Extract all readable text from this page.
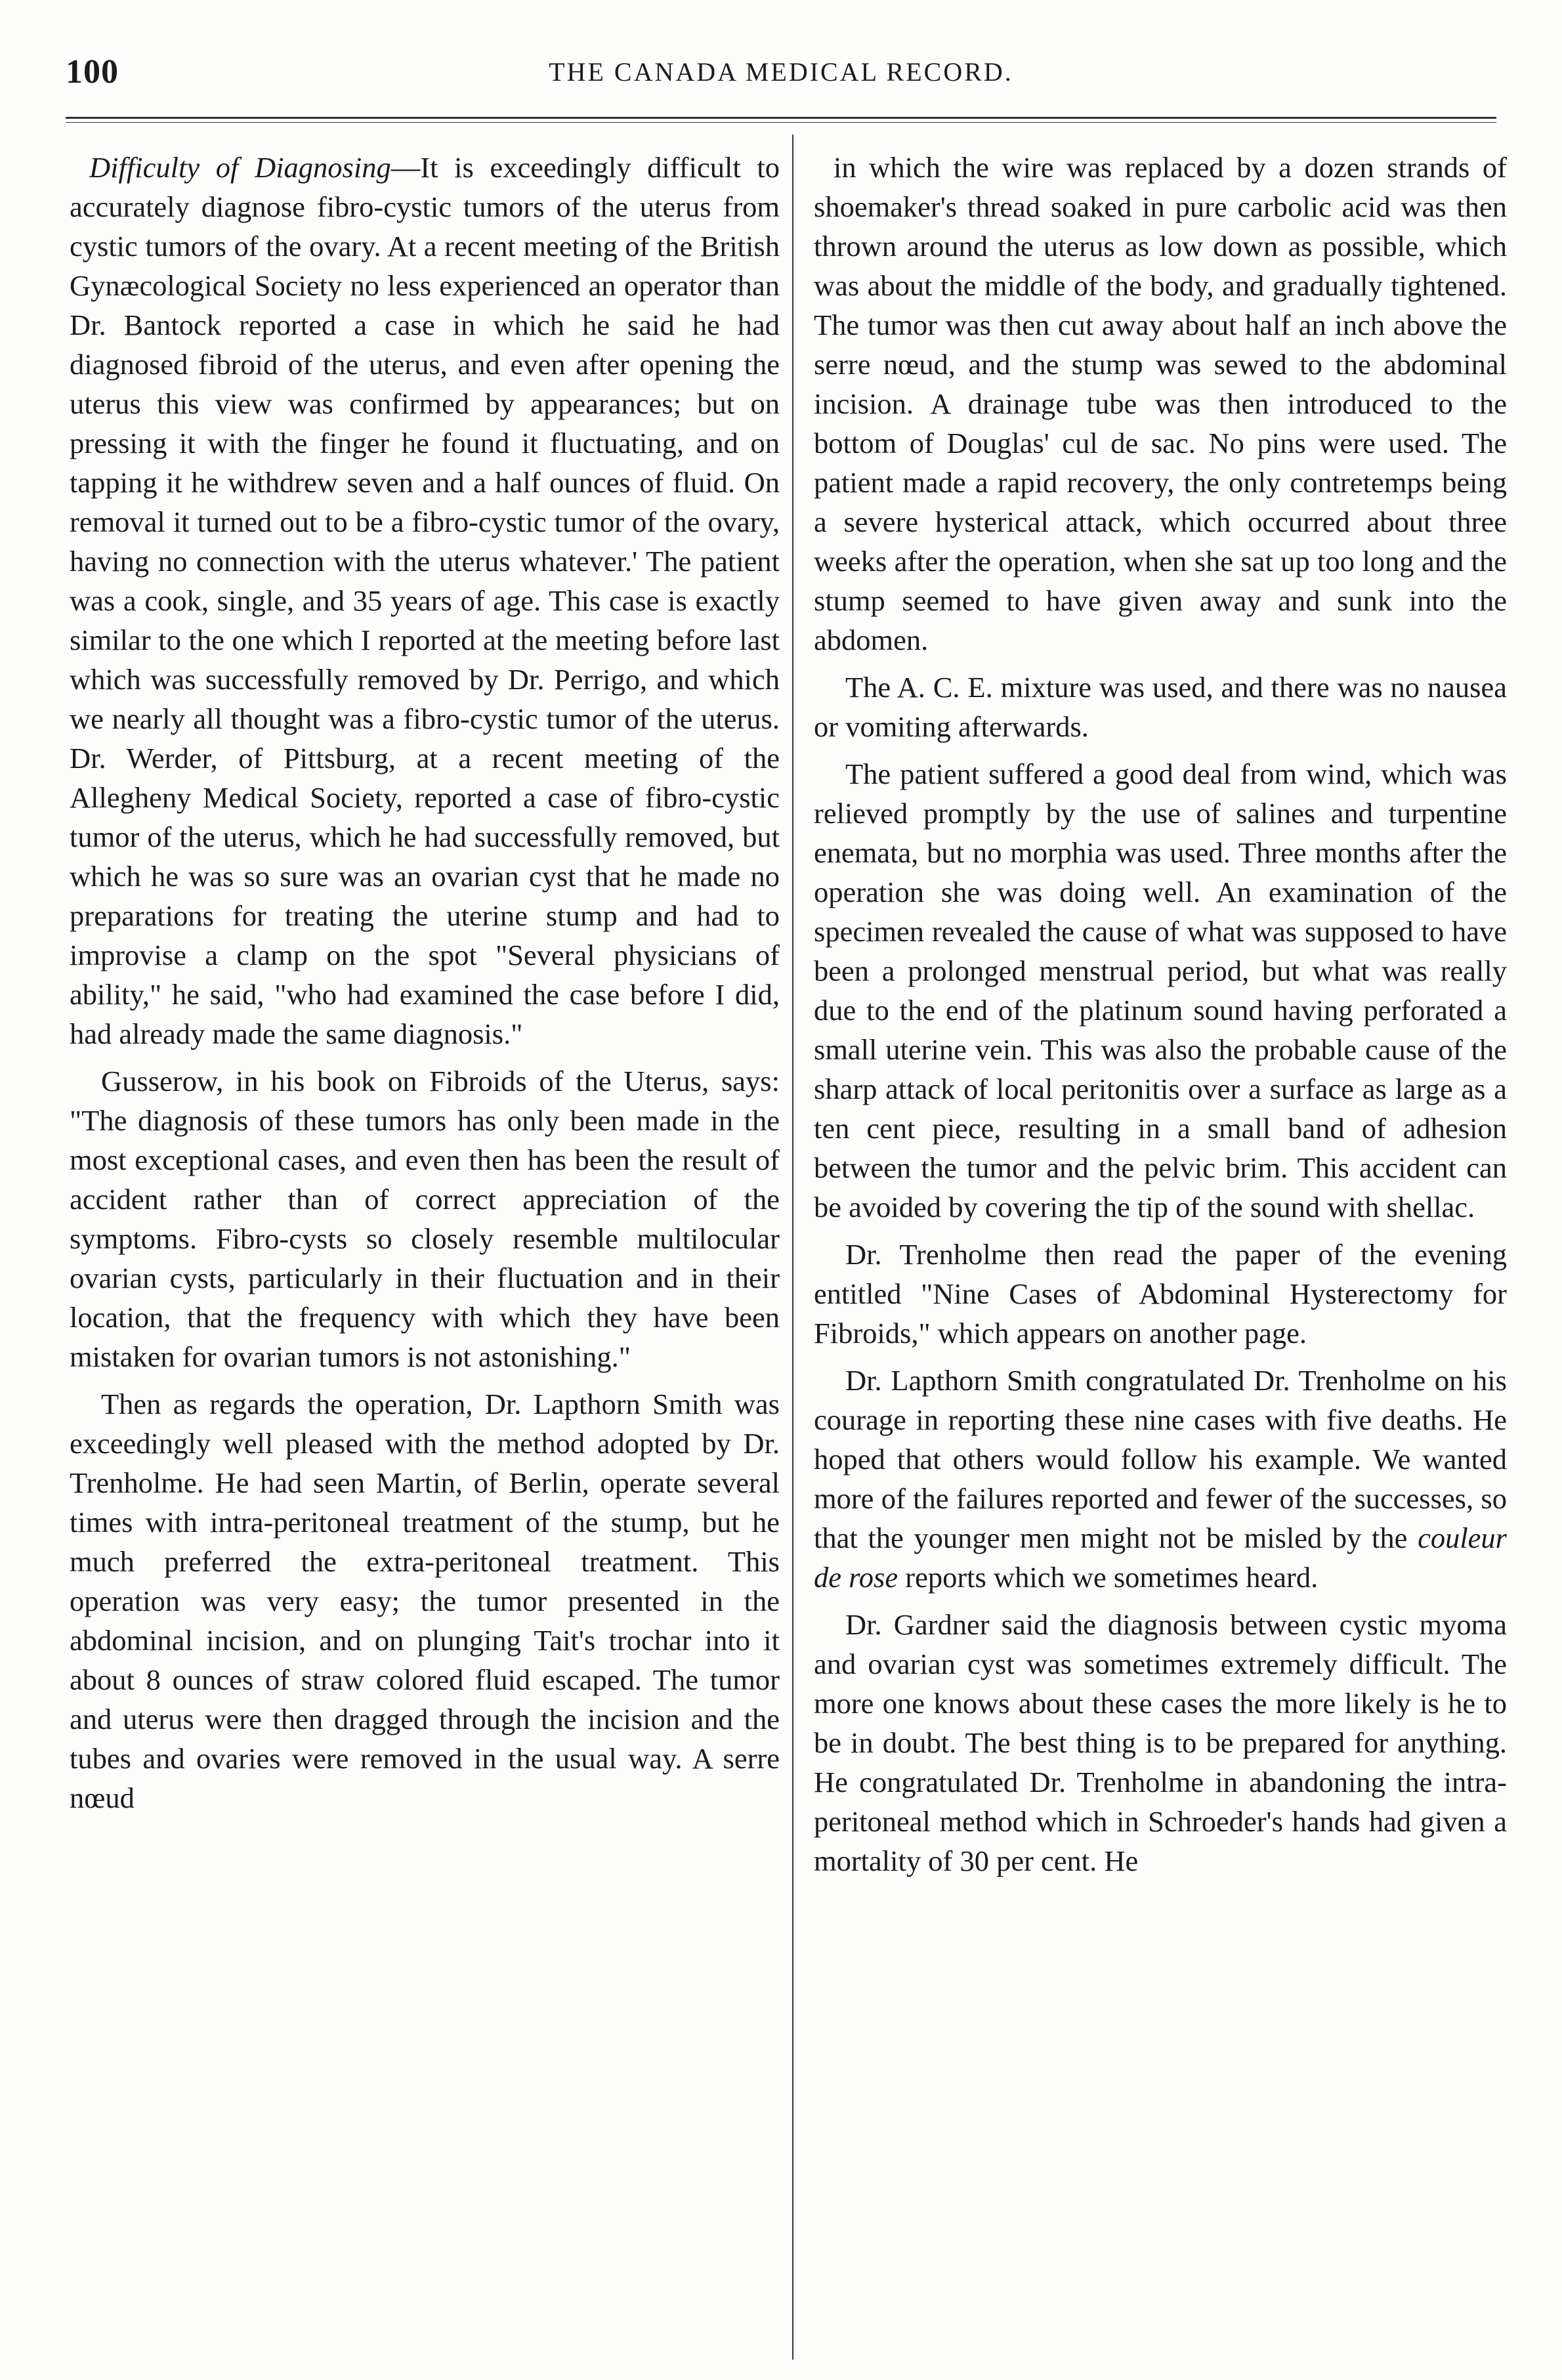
100	THE CANADA MEDICAL RECORD.

Difficulty of Diagnosing—It is exceedingly difficult to accurately diagnose fibro-cystic tumors of the uterus from cystic tumors of the ovary. At a recent meeting of the British Gynæcological Society no less experienced an operator than Dr. Bantock reported a case in which he said he had diagnosed fibroid of the uterus, and even after opening the uterus this view was confirmed by appearances; but on pressing it with the finger he found it fluctuating, and on tapping it he withdrew seven and a half ounces of fluid. On removal it turned out to be a fibro-cystic tumor of the ovary, having no connection with the uterus whatever.' The patient was a cook, single, and 35 years of age. This case is exactly similar to the one which I reported at the meeting before last which was successfully removed by Dr. Perrigo, and which we nearly all thought was a fibro-cystic tumor of the uterus. Dr. Werder, of Pittsburg, at a recent meeting of the Allegheny Medical Society, reported a case of fibro-cystic tumor of the uterus, which he had successfully removed, but which he was so sure was an ovarian cyst that he made no preparations for treating the uterine stump and had to improvise a clamp on the spot "Several physicians of ability," he said, "who had examined the case before I did, had already made the same diagnosis."

Gusserow, in his book on Fibroids of the Uterus, says: "The diagnosis of these tumors has only been made in the most exceptional cases, and even then has been the result of accident rather than of correct appreciation of the symptoms. Fibro-cysts so closely resemble multilocular ovarian cysts, particularly in their fluctuation and in their location, that the frequency with which they have been mistaken for ovarian tumors is not astonishing."

Then as regards the operation, Dr. Lapthorn Smith was exceedingly well pleased with the method adopted by Dr. Trenholme. He had seen Martin, of Berlin, operate several times with intra-peritoneal treatment of the stump, but he much preferred the extra-peritoneal treatment. This operation was very easy; the tumor presented in the abdominal incision, and on plunging Tait's trochar into it about 8 ounces of straw colored fluid escaped. The tumor and uterus were then dragged through the incision and the tubes and ovaries were removed in the usual way. A serre nœud

in which the wire was replaced by a dozen strands of shoemaker's thread soaked in pure carbolic acid was then thrown around the uterus as low down as possible, which was about the middle of the body, and gradually tightened. The tumor was then cut away about half an inch above the serre nœud, and the stump was sewed to the abdominal incision. A drainage tube was then introduced to the bottom of Douglas' cul de sac. No pins were used. The patient made a rapid recovery, the only contretemps being a severe hysterical attack, which occurred about three weeks after the operation, when she sat up too long and the stump seemed to have given away and sunk into the abdomen.

The A. C. E. mixture was used, and there was no nausea or vomiting afterwards.

The patient suffered a good deal from wind, which was relieved promptly by the use of salines and turpentine enemata, but no morphia was used. Three months after the operation she was doing well. An examination of the specimen revealed the cause of what was supposed to have been a prolonged menstrual period, but what was really due to the end of the platinum sound having perforated a small uterine vein. This was also the probable cause of the sharp attack of local peritonitis over a surface as large as a ten cent piece, resulting in a small band of adhesion between the tumor and the pelvic brim. This accident can be avoided by covering the tip of the sound with shellac.

Dr. Trenholme then read the paper of the evening entitled "Nine Cases of Abdominal Hysterectomy for Fibroids," which appears on another page.

Dr. Lapthorn Smith congratulated Dr. Trenholme on his courage in reporting these nine cases with five deaths. He hoped that others would follow his example. We wanted more of the failures reported and fewer of the successes, so that the younger men might not be misled by the couleur de rose reports which we sometimes heard.

Dr. Gardner said the diagnosis between cystic myoma and ovarian cyst was sometimes extremely difficult. The more one knows about these cases the more likely is he to be in doubt. The best thing is to be prepared for anything. He congratulated Dr. Trenholme in abandoning the intra-peritoneal method which in Schroeder's hands had given a mortality of 30 per cent. He
